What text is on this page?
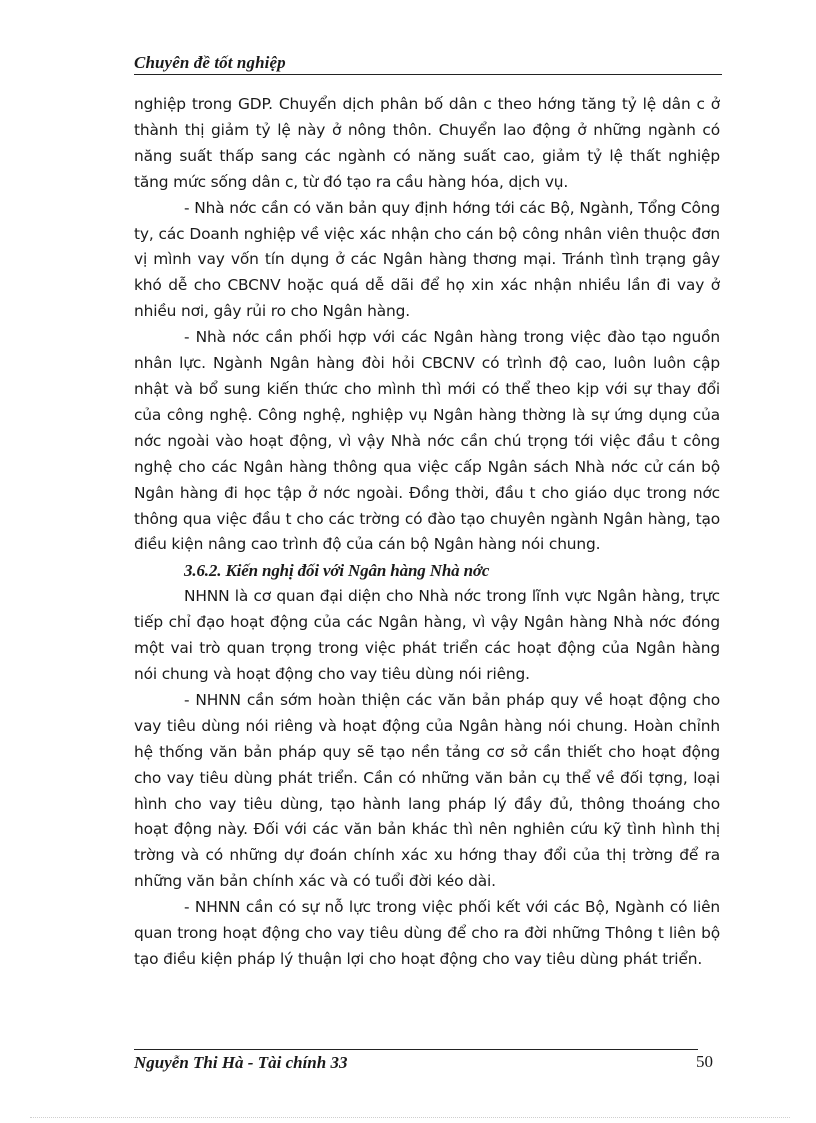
Chuyên đề tốt nghiệp

nghiệp trong GDP. Chuyển dịch phân bố dân c theo hớng tăng tỷ lệ dân c ở thành thị giảm tỷ lệ này ở nông thôn. Chuyển lao động ở những ngành có năng suất thấp sang các ngành có năng suất cao, giảm tỷ lệ thất nghiệp tăng mức sống dân c, từ đó tạo ra cầu hàng hóa, dịch vụ.

- Nhà nớc cần có văn bản quy định hớng tới các Bộ, Ngành, Tổng Công ty, các Doanh nghiệp về việc xác nhận cho cán bộ công nhân viên thuộc đơn vị mình vay vốn tín dụng ở các Ngân hàng thơng mại. Tránh tình trạng gây khó dễ cho CBCNV hoặc quá dễ dãi để họ xin xác nhận nhiều lần đi vay ở nhiều nơi, gây rủi ro cho Ngân hàng.

- Nhà nớc cần phối hợp với các Ngân hàng trong việc đào tạo nguồn nhân lực. Ngành Ngân hàng đòi hỏi CBCNV có trình độ cao, luôn luôn cập nhật và bổ sung kiến thức cho mình thì mới có thể theo kịp với sự thay đổi của công nghệ. Công nghệ, nghiệp vụ Ngân hàng thờng là sự ứng dụng của nớc ngoài vào hoạt động, vì vậy Nhà nớc cần chú trọng tới việc đầu t công nghệ cho các Ngân hàng thông qua việc cấp Ngân sách Nhà nớc cử cán bộ Ngân hàng đi học tập ở nớc ngoài. Đồng thời, đầu t cho giáo dục trong nớc thông qua việc đầu t cho các trờng có đào tạo chuyên ngành Ngân hàng, tạo điều kiện nâng cao trình độ của cán bộ Ngân hàng nói chung.

3.6.2. Kiến nghị đối với Ngân hàng Nhà nớc

NHNN là cơ quan đại diện cho Nhà nớc trong lĩnh vực Ngân hàng, trực tiếp chỉ đạo hoạt động của các Ngân hàng, vì vậy Ngân hàng Nhà nớc đóng một vai trò quan trọng trong việc phát triển các hoạt động của Ngân hàng nói chung và hoạt động cho vay tiêu dùng nói riêng.

- NHNN cần sớm hoàn thiện các văn bản pháp quy về hoạt động cho vay tiêu dùng nói riêng và hoạt động của Ngân hàng nói chung. Hoàn chỉnh hệ thống văn bản pháp quy sẽ tạo nền tảng cơ sở cần thiết cho hoạt động cho vay tiêu dùng phát triển. Cần có những văn bản cụ thể về đối tợng, loại hình cho vay tiêu dùng, tạo hành lang pháp lý đầy đủ, thông thoáng cho hoạt động này. Đối với các văn bản khác thì nên nghiên cứu kỹ tình hình thị trờng và có những dự đoán chính xác xu hớng thay đổi của thị trờng để ra những văn bản chính xác và có tuổi đời kéo dài.

- NHNN cần có sự nỗ lực trong việc phối kết với các Bộ, Ngành có liên quan trong hoạt động cho vay tiêu dùng để cho ra đời những Thông t liên bộ tạo điều kiện pháp lý thuận lợi cho hoạt động cho vay tiêu dùng phát triển.

Nguyễn Thi Hà - Tài chính 33	50
